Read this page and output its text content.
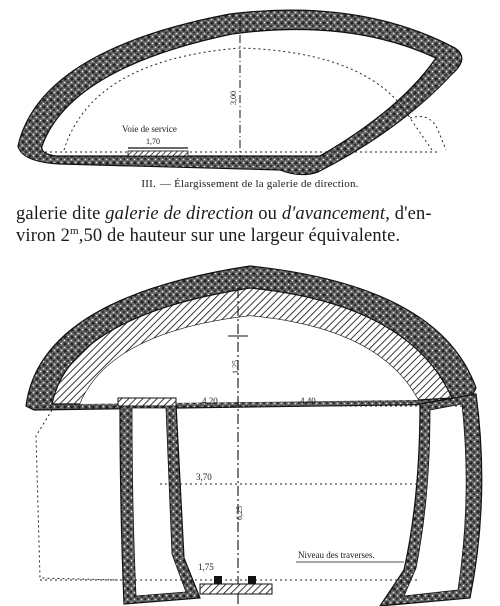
Voie de service
1,70
3,00
III. — Élargissement de la galerie de direction.
galerie dite galerie de direction ou d'avancement, d'en-
viron 2$^m$,50 de hauteur sur une largeur équivalente.
4,20	4,40
1,25
3,70
6,25
1,75
Niveau des traverses.
